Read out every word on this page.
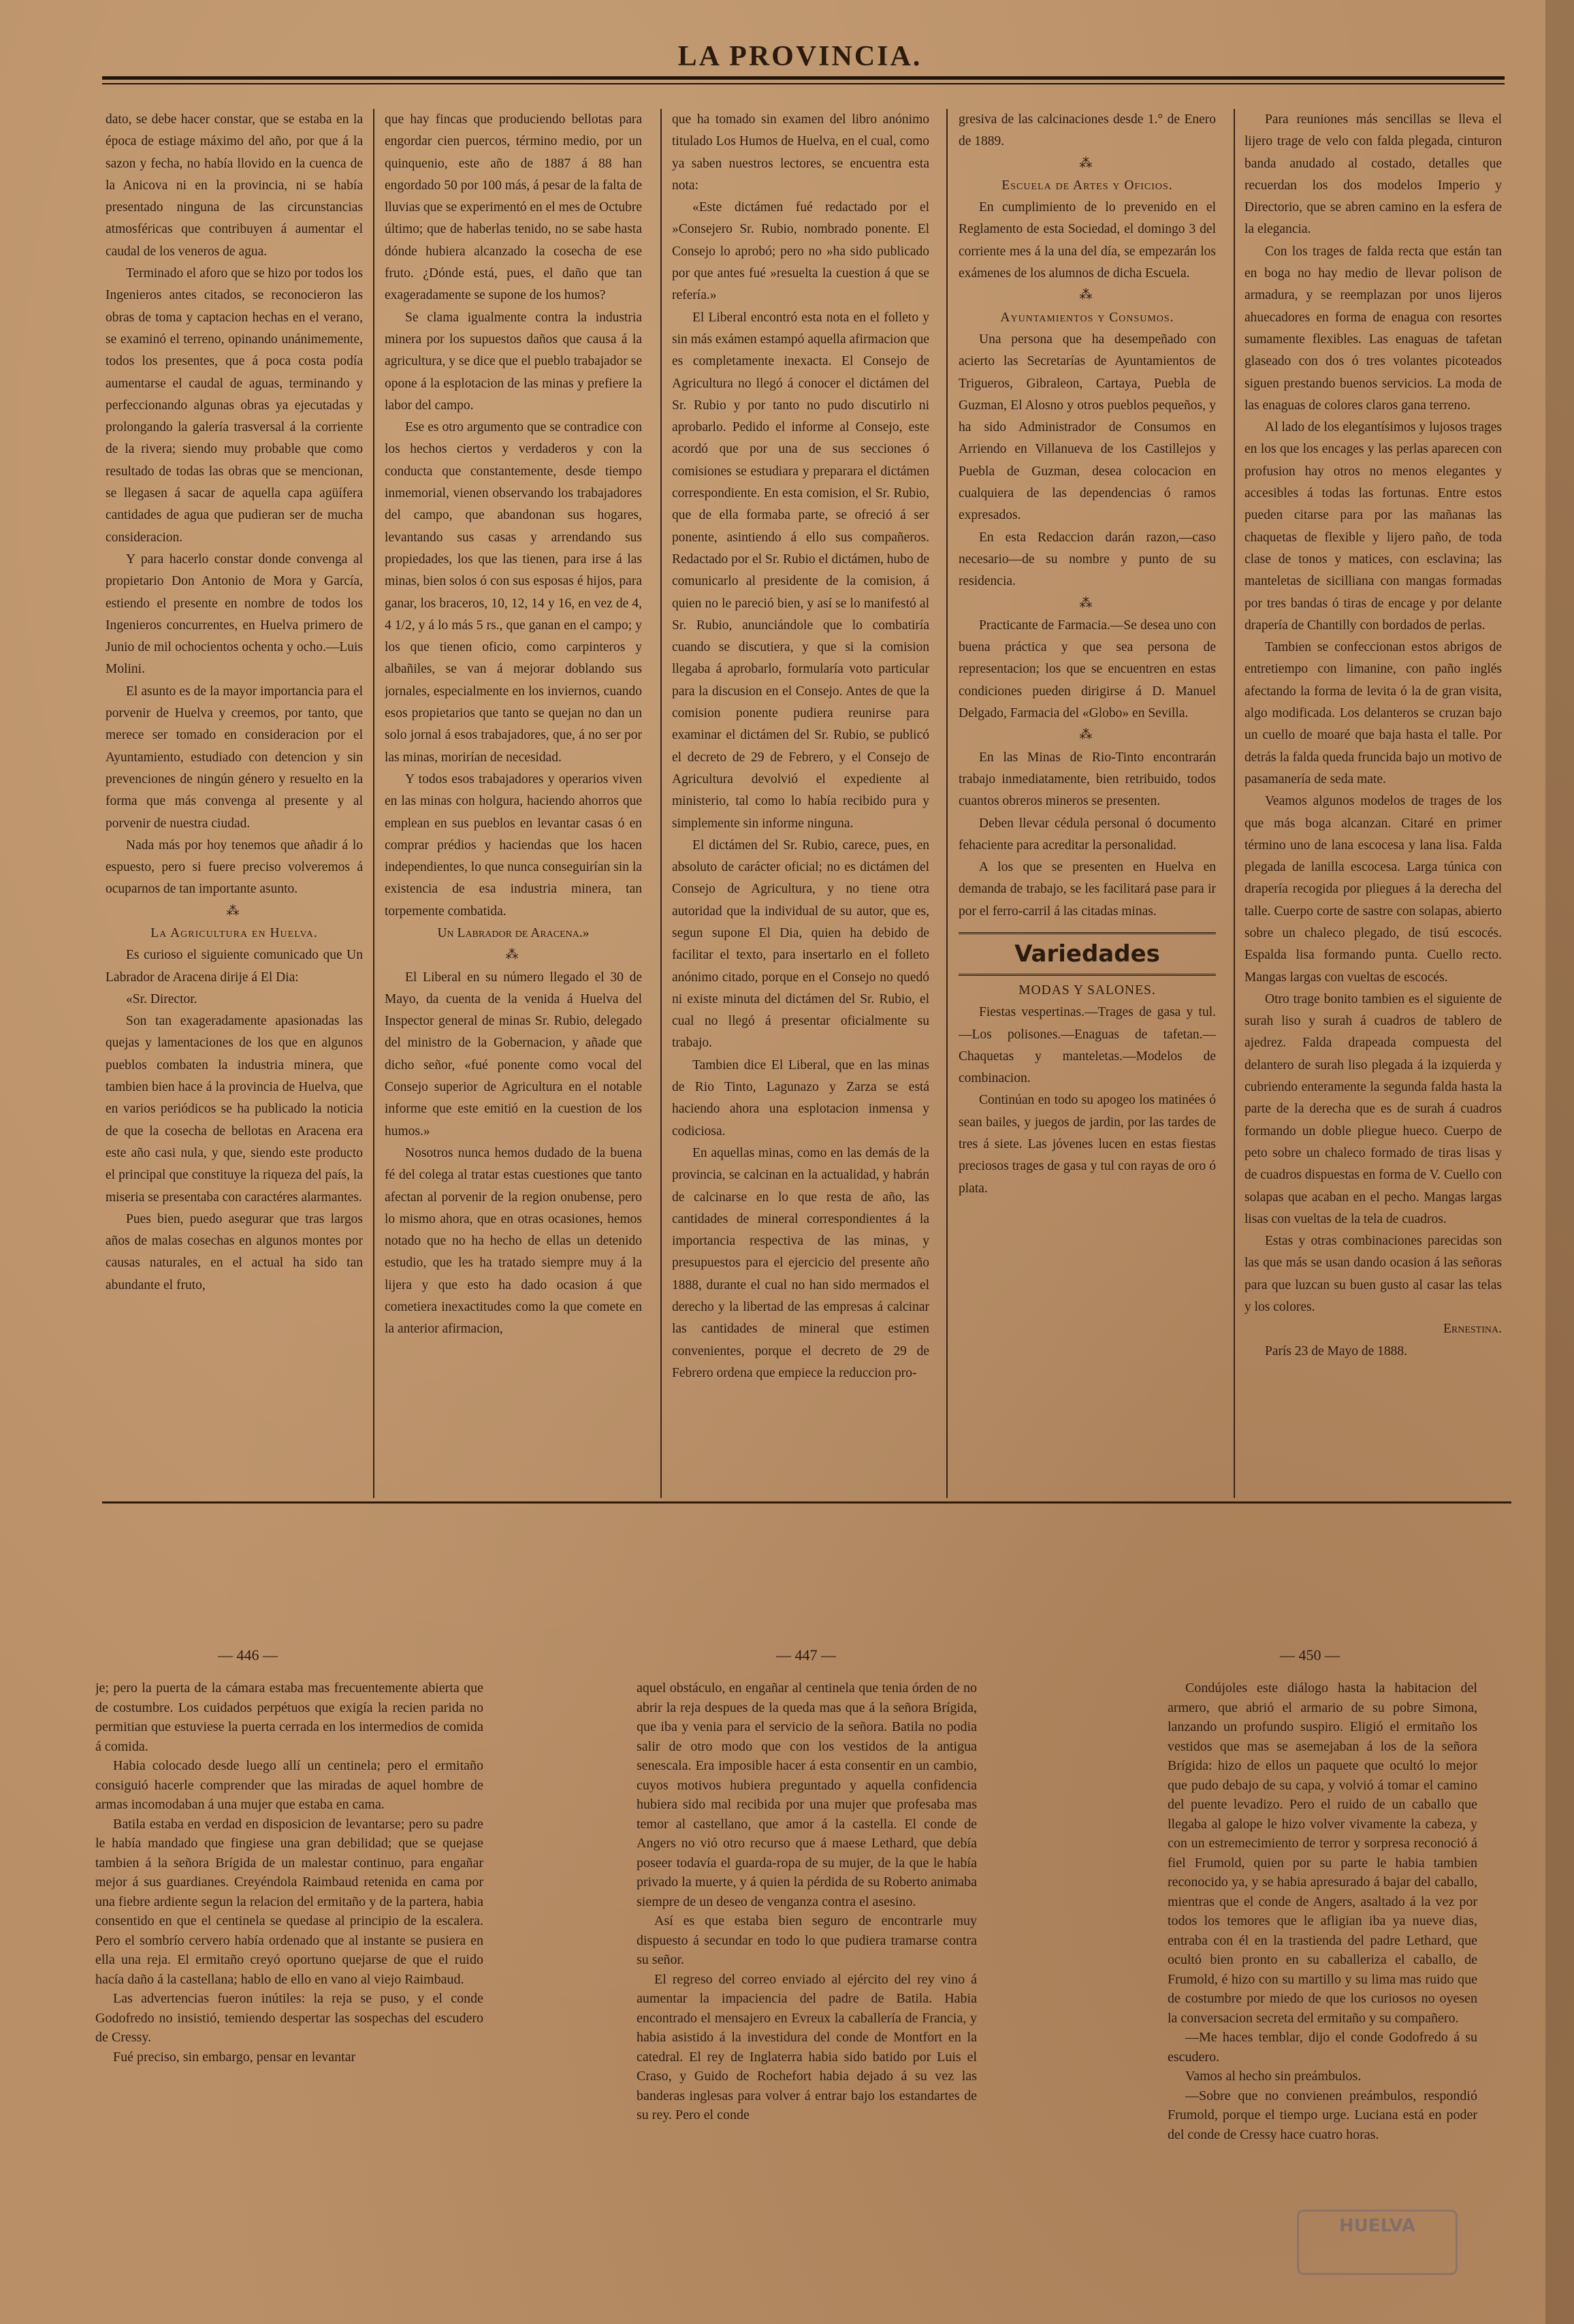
LA PROVINCIA.

dato, se debe hacer constar, que se estaba en la época de estiage máximo del año, por que á la sazon y fecha, no había llovido en la cuenca de la Anicova ni en la provincia, ni se había presentado ninguna de las circunstancias atmosféricas que contribuyen á aumentar el caudal de los veneros de agua.

Terminado el aforo que se hizo por todos los Ingenieros antes citados, se reconocieron las obras de toma y captacion hechas en el verano, se examinó el terreno, opinando unánimemente, todos los presentes, que á poca costa podía aumentarse el caudal de aguas, terminando y perfeccionando algunas obras ya ejecutadas y prolongando la galería trasversal á la corriente de la rivera; siendo muy probable que como resultado de todas las obras que se mencionan, se llegasen á sacar de aquella capa agüífera cantidades de agua que pudieran ser de mucha consideracion.

Y para hacerlo constar donde convenga al propietario Don Antonio de Mora y García, estiendo el presente en nombre de todos los Ingenieros concurrentes, en Huelva primero de Junio de mil ochocientos ochenta y ocho.—Luis Molini.

El asunto es de la mayor importancia para el porvenir de Huelva y creemos, por tanto, que merece ser tomado en consideracion por el Ayuntamiento, estudiado con detencion y sin prevenciones de ningún género y resuelto en la forma que más convenga al presente y al porvenir de nuestra ciudad.

Nada más por hoy tenemos que añadir á lo espuesto, pero si fuere preciso volveremos á ocuparnos de tan importante asunto.

⁂

La Agricultura en Huelva.

Es curioso el siguiente comunicado que Un Labrador de Aracena dirije á El Dia:

«Sr. Director.

Son tan exageradamente apasionadas las quejas y lamentaciones de los que en algunos pueblos combaten la industria minera, que tambien bien hace á la provincia de Huelva, que en varios periódicos se ha publicado la noticia de que la cosecha de bellotas en Aracena era este año casi nula, y que, siendo este producto el principal que constituye la riqueza del país, la miseria se presentaba con caractéres alarmantes.

Pues bien, puedo asegurar que tras largos años de malas cosechas en algunos montes por causas naturales, en el actual ha sido tan abundante el fruto,

que hay fincas que produciendo bellotas para engordar cien puercos, término medio, por un quinquenio, este año de 1887 á 88 han engordado 50 por 100 más, á pesar de la falta de lluvias que se experimentó en el mes de Octubre último; que de haberlas tenido, no se sabe hasta dónde hubiera alcanzado la cosecha de ese fruto. ¿Dónde está, pues, el daño que tan exageradamente se supone de los humos?

Se clama igualmente contra la industria minera por los supuestos daños que causa á la agricultura, y se dice que el pueblo trabajador se opone á la esplotacion de las minas y prefiere la labor del campo.

Ese es otro argumento que se contradice con los hechos ciertos y verdaderos y con la conducta que constantemente, desde tiempo inmemorial, vienen observando los trabajadores del campo, que abandonan sus hogares, levantando sus casas y arrendando sus propiedades, los que las tienen, para irse á las minas, bien solos ó con sus esposas é hijos, para ganar, los braceros, 10, 12, 14 y 16, en vez de 4, 4 1/2, y á lo más 5 rs., que ganan en el campo; y los que tienen oficio, como carpinteros y albañiles, se van á mejorar doblando sus jornales, especialmente en los inviernos, cuando esos propietarios que tanto se quejan no dan un solo jornal á esos trabajadores, que, á no ser por las minas, morirían de necesidad.

Y todos esos trabajadores y operarios viven en las minas con holgura, haciendo ahorros que emplean en sus pueblos en levantar casas ó en comprar prédios y haciendas que los hacen independientes, lo que nunca conseguirían sin la existencia de esa industria minera, tan torpemente combatida.

Un Labrador de Aracena.»

⁂

El Liberal en su número llegado el 30 de Mayo, da cuenta de la venida á Huelva del Inspector general de minas Sr. Rubio, delegado del ministro de la Gobernacion, y añade que dicho señor, «fué ponente como vocal del Consejo superior de Agricultura en el notable informe que este emitió en la cuestion de los humos.»

Nosotros nunca hemos dudado de la buena fé del colega al tratar estas cuestiones que tanto afectan al porvenir de la region onubense, pero lo mismo ahora, que en otras ocasiones, hemos notado que no ha hecho de ellas un detenido estudio, que les ha tratado siempre muy á la lijera y que esto ha dado ocasion á que cometiera inexactitudes como la que comete en la anterior afirmacion,

que ha tomado sin examen del libro anónimo titulado Los Humos de Huelva, en el cual, como ya saben nuestros lectores, se encuentra esta nota:

«Este dictámen fué redactado por el »Consejero Sr. Rubio, nombrado ponente. El Consejo lo aprobó; pero no »ha sido publicado por que antes fué »resuelta la cuestion á que se refería.»

El Liberal encontró esta nota en el folleto y sin más exámen estampó aquella afirmacion que es completamente inexacta. El Consejo de Agricultura no llegó á conocer el dictámen del Sr. Rubio y por tanto no pudo discutirlo ni aprobarlo. Pedido el informe al Consejo, este acordó que por una de sus secciones ó comisiones se estudiara y preparara el dictámen correspondiente. En esta comision, el Sr. Rubio, que de ella formaba parte, se ofreció á ser ponente, asintiendo á ello sus compañeros. Redactado por el Sr. Rubio el dictámen, hubo de comunicarlo al presidente de la comision, á quien no le pareció bien, y así se lo manifestó al Sr. Rubio, anunciándole que lo combatiría cuando se discutiera, y que si la comision llegaba á aprobarlo, formularía voto particular para la discusion en el Consejo. Antes de que la comision ponente pudiera reunirse para examinar el dictámen del Sr. Rubio, se publicó el decreto de 29 de Febrero, y el Consejo de Agricultura devolvió el expediente al ministerio, tal como lo había recibido pura y simplemente sin informe ninguna.

El dictámen del Sr. Rubio, carece, pues, en absoluto de carácter oficial; no es dictámen del Consejo de Agricultura, y no tiene otra autoridad que la individual de su autor, que es, segun supone El Dia, quien ha debido de facilitar el texto, para insertarlo en el folleto anónimo citado, porque en el Consejo no quedó ni existe minuta del dictámen del Sr. Rubio, el cual no llegó á presentar oficialmente su trabajo.

Tambien dice El Liberal, que en las minas de Rio Tinto, Lagunazo y Zarza se está haciendo ahora una esplotacion inmensa y codiciosa.

En aquellas minas, como en las demás de la provincia, se calcinan en la actualidad, y habrán de calcinarse en lo que resta de año, las cantidades de mineral correspondientes á la importancia respectiva de las minas, y presupuestos para el ejercicio del presente año 1888, durante el cual no han sido mermados el derecho y la libertad de las empresas á calcinar las cantidades de mineral que estimen convenientes, porque el decreto de 29 de Febrero ordena que empiece la reduccion pro-

gresiva de las calcinaciones desde 1.° de Enero de 1889.

⁂

Escuela de Artes y Oficios.

En cumplimiento de lo prevenido en el Reglamento de esta Sociedad, el domingo 3 del corriente mes á la una del día, se empezarán los exámenes de los alumnos de dicha Escuela.

⁂

Ayuntamientos y Consumos.

Una persona que ha desempeñado con acierto las Secretarías de Ayuntamientos de Trigueros, Gibraleon, Cartaya, Puebla de Guzman, El Alosno y otros pueblos pequeños, y ha sido Administrador de Consumos en Arriendo en Villanueva de los Castillejos y Puebla de Guzman, desea colocacion en cualquiera de las dependencias ó ramos expresados.

En esta Redaccion darán razon,—caso necesario—de su nombre y punto de su residencia.

⁂

Practicante de Farmacia.—Se desea uno con buena práctica y que sea persona de representacion; los que se encuentren en estas condiciones pueden dirigirse á D. Manuel Delgado, Farmacia del «Globo» en Sevilla.

⁂

En las Minas de Rio-Tinto encontrarán trabajo inmediatamente, bien retribuido, todos cuantos obreros mineros se presenten.

Deben llevar cédula personal ó documento fehaciente para acreditar la personalidad.

A los que se presenten en Huelva en demanda de trabajo, se les facilitará pase para ir por el ferro-carril á las citadas minas.

Variedades

MODAS Y SALONES.

Fiestas vespertinas.—Trages de gasa y tul.—Los polisones.—Enaguas de tafetan.—Chaquetas y manteletas.—Modelos de combinacion.

Continúan en todo su apogeo los matinées ó sean bailes, y juegos de jardin, por las tardes de tres á siete. Las jóvenes lucen en estas fiestas preciosos trages de gasa y tul con rayas de oro ó plata.

Para reuniones más sencillas se lleva el lijero trage de velo con falda plegada, cinturon banda anudado al costado, detalles que recuerdan los dos modelos Imperio y Directorio, que se abren camino en la esfera de la elegancia.

Con los trages de falda recta que están tan en boga no hay medio de llevar polison de armadura, y se reemplazan por unos lijeros ahuecadores en forma de enagua con resortes sumamente flexibles. Las enaguas de tafetan glaseado con dos ó tres volantes picoteados siguen prestando buenos servicios. La moda de las enaguas de colores claros gana terreno.

Al lado de los elegantísimos y lujosos trages en los que los encages y las perlas aparecen con profusion hay otros no menos elegantes y accesibles á todas las fortunas. Entre estos pueden citarse para por las mañanas las chaquetas de flexible y lijero paño, de toda clase de tonos y matices, con esclavina; las manteletas de sicilliana con mangas formadas por tres bandas ó tiras de encage y por delante drapería de Chantilly con bordados de perlas.

Tambien se confeccionan estos abrigos de entretiempo con limanine, con paño inglés afectando la forma de levita ó la de gran visita, algo modificada. Los delanteros se cruzan bajo un cuello de moaré que baja hasta el talle. Por detrás la falda queda fruncida bajo un motivo de pasamanería de seda mate.

Veamos algunos modelos de trages de los que más boga alcanzan. Citaré en primer término uno de lana escocesa y lana lisa. Falda plegada de lanilla escocesa. Larga túnica con drapería recogida por pliegues á la derecha del talle. Cuerpo corte de sastre con solapas, abierto sobre un chaleco plegado, de tisú escocés. Espalda lisa formando punta. Cuello recto. Mangas largas con vueltas de escocés.

Otro trage bonito tambien es el siguiente de surah liso y surah á cuadros de tablero de ajedrez. Falda drapeada compuesta del delantero de surah liso plegada á la izquierda y cubriendo enteramente la segunda falda hasta la parte de la derecha que es de surah á cuadros formando un doble pliegue hueco. Cuerpo de peto sobre un chaleco formado de tiras lisas y de cuadros dispuestas en forma de V. Cuello con solapas que acaban en el pecho. Mangas largas lisas con vueltas de la tela de cuadros.

Estas y otras combinaciones parecidas son las que más se usan dando ocasion á las señoras para que luzcan su buen gusto al casar las telas y los colores.

Ernestina.

París 23 de Mayo de 1888.

— 446 —	— 447 —	— 450 —

je; pero la puerta de la cámara estaba mas frecuentemente abierta que de costumbre. Los cuidados perpétuos que exigía la recien parida no permitian que estuviese la puerta cerrada en los intermedios de comida á comida.

Habia colocado desde luego allí un centinela; pero el ermitaño consiguió hacerle comprender que las miradas de aquel hombre de armas incomodaban á una mujer que estaba en cama.

Batila estaba en verdad en disposicion de levantarse; pero su padre le había mandado que fingiese una gran debilidad; que se quejase tambien á la señora Brígida de un malestar continuo, para engañar mejor á sus guardianes. Creyéndola Raimbaud retenida en cama por una fiebre ardiente segun la relacion del ermitaño y de la partera, habia consentido en que el centinela se quedase al principio de la escalera. Pero el sombrío cervero había ordenado que al instante se pusiera en ella una reja. El ermitaño creyó oportuno quejarse de que el ruido hacía daño á la castellana; hablo de ello en vano al viejo Raimbaud.

Las advertencias fueron inútiles: la reja se puso, y el conde Godofredo no insistió, temiendo despertar las sospechas del escudero de Cressy.

Fué preciso, sin embargo, pensar en levantar

aquel obstáculo, en engañar al centinela que tenia órden de no abrir la reja despues de la queda mas que á la señora Brígida, que iba y venia para el servicio de la señora. Batila no podia salir de otro modo que con los vestidos de la antigua senescala. Era imposible hacer á esta consentir en un cambio, cuyos motivos hubiera preguntado y aquella confidencia hubiera sido mal recibida por una mujer que profesaba mas temor al castellano, que amor á la castella. El conde de Angers no vió otro recurso que á maese Lethard, que debía poseer todavía el guarda-ropa de su mujer, de la que le había privado la muerte, y á quien la pérdida de su Roberto animaba siempre de un deseo de venganza contra el asesino.

Así es que estaba bien seguro de encontrarle muy dispuesto á secundar en todo lo que pudiera tramarse contra su señor.

El regreso del correo enviado al ejército del rey vino á aumentar la impaciencia del padre de Batila. Habia encontrado el mensajero en Evreux la caballería de Francia, y habia asistido á la investidura del conde de Montfort en la catedral. El rey de Inglaterra habia sido batido por Luis el Craso, y Guido de Rochefort habia dejado á su vez las banderas inglesas para volver á entrar bajo los estandartes de su rey. Pero el conde

Condújoles este diálogo hasta la habitacion del armero, que abrió el armario de su pobre Simona, lanzando un profundo suspiro. Eligió el ermitaño los vestidos que mas se asemejaban á los de la señora Brígida: hizo de ellos un paquete que ocultó lo mejor que pudo debajo de su capa, y volvió á tomar el camino del puente levadizo. Pero el ruido de un caballo que llegaba al galope le hizo volver vivamente la cabeza, y con un estremecimiento de terror y sorpresa reconoció á fiel Frumold, quien por su parte le habia tambien reconocido ya, y se habia apresurado á bajar del caballo, mientras que el conde de Angers, asaltado á la vez por todos los temores que le afligian iba ya nueve dias, entraba con él en la trastienda del padre Lethard, que ocultó bien pronto en su caballeriza el caballo, de Frumold, é hizo con su martillo y su lima mas ruido que de costumbre por miedo de que los curiosos no oyesen la conversacion secreta del ermitaño y su compañero.

—Me haces temblar, dijo el conde Godofredo á su escudero.

Vamos al hecho sin preámbulos.

—Sobre que no convienen preámbulos, respondió Frumold, porque el tiempo urge. Luciana está en poder del conde de Cressy hace cuatro horas.

HUELVA
